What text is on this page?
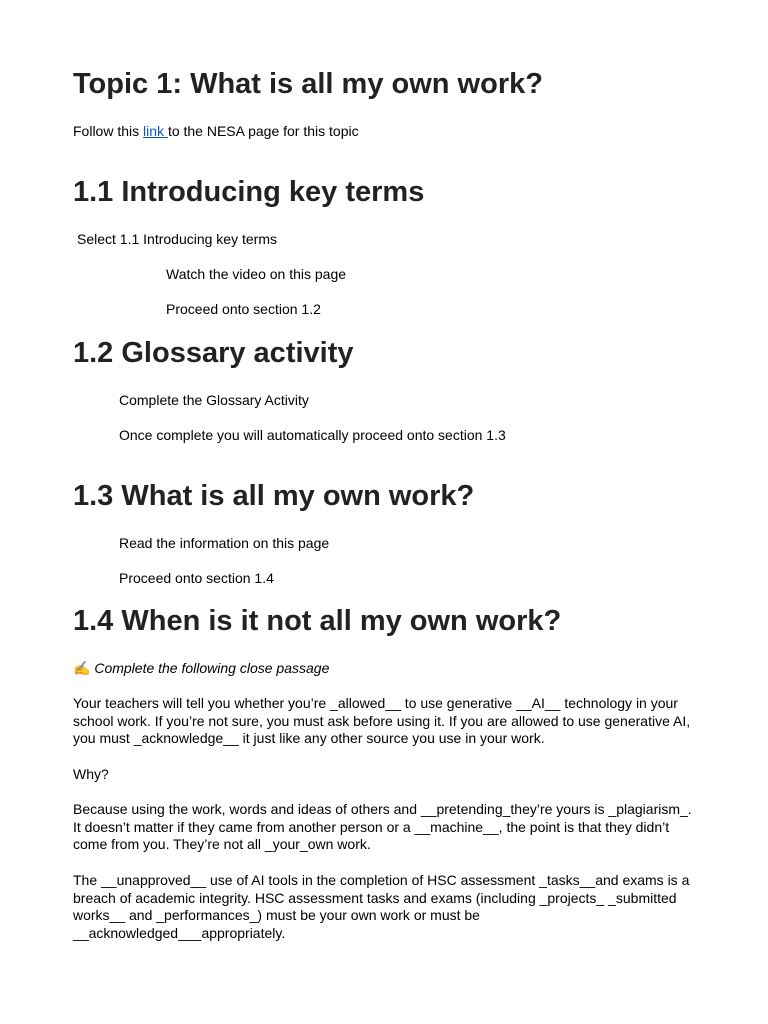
Topic 1: What is all my own work?

Follow this link to the NESA page for this topic

1.1 Introducing key terms

Select 1.1 Introducing key terms

Watch the video on this page

Proceed onto section 1.2

1.2 Glossary activity

Complete the Glossary Activity

Once complete you will automatically proceed onto section 1.3

1.3 What is all my own work?

Read the information on this page

Proceed onto section 1.4

1.4 When is it not all my own work?

✍ Complete the following close passage

Your teachers will tell you whether you’re _allowed__ to use generative __AI__ technology in your school work. If you’re not sure, you must ask before using it. If you are allowed to use generative AI, you must _acknowledge__ it just like any other source you use in your work.

Why?

Because using the work, words and ideas of others and __pretending_they’re yours is _plagiarism_. It doesn’t matter if they came from another person or a __machine__, the point is that they didn’t come from you. They’re not all _your_own work.

The __unapproved__ use of AI tools in the completion of HSC assessment _tasks__and exams is a breach of academic integrity. HSC assessment tasks and exams (including _projects_ _submitted works__ and _performances_) must be your own work or must be __acknowledged___appropriately.
